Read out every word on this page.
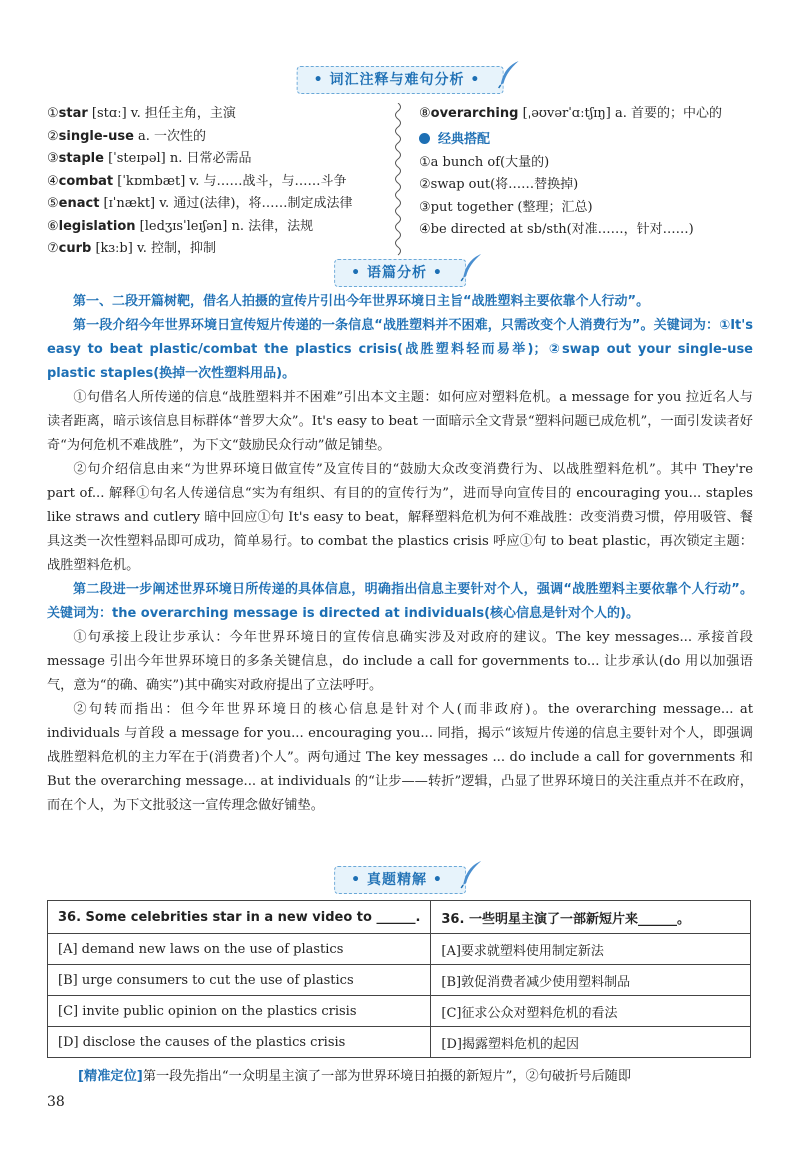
• 词汇注释与难句分析 •

①star [stɑː] v. 担任主角，主演

②single-use a. 一次性的

③staple [ˈsteɪpəl] n. 日常必需品

④combat [ˈkɒmbæt] v. 与……战斗，与……斗争

⑤enact [ɪˈnækt] v. 通过(法律)，将……制定成法律

⑥legislation [ledʒɪsˈleɪʃən] n. 法律，法规

⑦curb [kɜːb] v. 控制，抑制

⑧overarching [ˌəʊvərˈɑːtʃɪŋ] a. 首要的；中心的

经典搭配

①a bunch of(大量的)

②swap out(将……替换掉)

③put together (整理；汇总)

④be directed at sb/sth(对准……，针对……)

• 语篇分析 •

第一、二段开篇树靶，借名人拍摄的宣传片引出今年世界环境日主旨“战胜塑料主要依靠个人行动”。

第一段介绍今年世界环境日宣传短片传递的一条信息“战胜塑料并不困难，只需改变个人消费行为”。关键词为：①It's easy to beat plastic/combat the plastics crisis(战胜塑料轻而易举)；②swap out your single-use plastic staples(换掉一次性塑料用品)。

①句借名人所传递的信息“战胜塑料并不困难”引出本文主题：如何应对塑料危机。a message for you 拉近名人与读者距离，暗示该信息目标群体“普罗大众”。It's easy to beat 一面暗示全文背景“塑料问题已成危机”，一面引发读者好奇“为何危机不难战胜”，为下文“鼓励民众行动”做足铺垫。

②句介绍信息由来“为世界环境日做宣传”及宣传目的“鼓励大众改变消费行为、以战胜塑料危机”。其中 They're part of... 解释①句名人传递信息“实为有组织、有目的的宣传行为”，进而导向宣传目的 encouraging you... staples like straws and cutlery 暗中回应①句 It's easy to beat，解释塑料危机为何不难战胜：改变消费习惯，停用吸管、餐具这类一次性塑料品即可成功，简单易行。to combat the plastics crisis 呼应①句 to beat plastic，再次锁定主题：战胜塑料危机。

第二段进一步阐述世界环境日所传递的具体信息，明确指出信息主要针对个人，强调“战胜塑料主要依靠个人行动”。关键词为：the overarching message is directed at individuals(核心信息是针对个人的)。

①句承接上段让步承认：今年世界环境日的宣传信息确实涉及对政府的建议。The key messages... 承接首段 message 引出今年世界环境日的多条关键信息，do include a call for governments to... 让步承认(do 用以加强语气，意为“的确、确实”)其中确实对政府提出了立法呼吁。

②句转而指出：但今年世界环境日的核心信息是针对个人(而非政府)。the overarching message... at individuals 与首段 a message for you... encouraging you... 同指，揭示“该短片传递的信息主要针对个人，即强调战胜塑料危机的主力军在于(消费者)个人”。两句通过 The key messages ... do include a call for governments 和 But the overarching message... at individuals 的“让步——转折”逻辑，凸显了世界环境日的关注重点并不在政府，而在个人，为下文批驳这一宣传理念做好铺垫。

• 真题精解 •
36. Some celebrities star in a new video to ______.	36. 一些明星主演了一部新短片来______。
[A] demand new laws on the use of plastics	[A]要求就塑料使用制定新法
[B] urge consumers to cut the use of plastics	[B]敦促消费者减少使用塑料制品
[C] invite public opinion on the plastics crisis	[C]征求公众对塑料危机的看法
[D] disclose the causes of the plastics crisis	[D]揭露塑料危机的起因
[精准定位]第一段先指出“一众明星主演了一部为世界环境日拍摄的新短片”，②句破折号后随即
38
